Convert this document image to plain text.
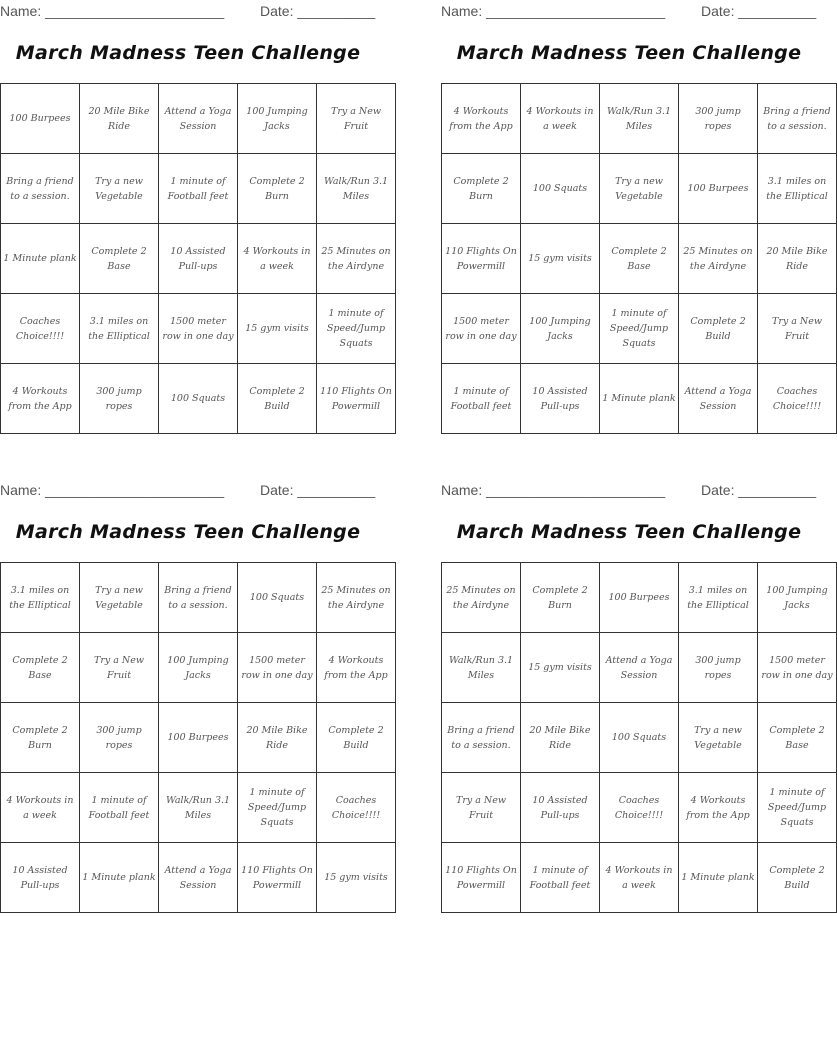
Name: _______________________	Date: __________
March Madness Teen Challenge
100 Burpees	20 Mile Bike Ride	Attend a Yoga Session	100 Jumping Jacks	Try a New Fruit
Bring a friend to a session.	Try a new Vegetable	1 minute of Football feet	Complete 2 Burn	Walk/Run 3.1 Miles
1 Minute plank	Complete 2 Base	10 Assisted Pull-ups	4 Workouts in a week	25 Minutes on the Airdyne
Coaches Choice!!!!	3.1 miles on the Elliptical	1500 meter row in one day	15 gym visits	1 minute of Speed/Jump Squats
4 Workouts from the App	300 jump ropes	100 Squats	Complete 2 Build	110 Flights On Powermill
Name: _______________________	Date: __________
March Madness Teen Challenge
4 Workouts from the App	4 Workouts in a week	Walk/Run 3.1 Miles	300 jump ropes	Bring a friend to a session.
Complete 2 Burn	100 Squats	Try a new Vegetable	100 Burpees	3.1 miles on the Elliptical
110 Flights On Powermill	15 gym visits	Complete 2 Base	25 Minutes on the Airdyne	20 Mile Bike Ride
1500 meter row in one day	100 Jumping Jacks	1 minute of Speed/Jump Squats	Complete 2 Build	Try a New Fruit
1 minute of Football feet	10 Assisted Pull-ups	1 Minute plank	Attend a Yoga Session	Coaches Choice!!!!
Name: _______________________	Date: __________
March Madness Teen Challenge
3.1 miles on the Elliptical	Try a new Vegetable	Bring a friend to a session.	100 Squats	25 Minutes on the Airdyne
Complete 2 Base	Try a New Fruit	100 Jumping Jacks	1500 meter row in one day	4 Workouts from the App
Complete 2 Burn	300 jump ropes	100 Burpees	20 Mile Bike Ride	Complete 2 Build
4 Workouts in a week	1 minute of Football feet	Walk/Run 3.1 Miles	1 minute of Speed/Jump Squats	Coaches Choice!!!!
10 Assisted Pull-ups	1 Minute plank	Attend a Yoga Session	110 Flights On Powermill	15 gym visits
Name: _______________________	Date: __________
March Madness Teen Challenge
25 Minutes on the Airdyne	Complete 2 Burn	100 Burpees	3.1 miles on the Elliptical	100 Jumping Jacks
Walk/Run 3.1 Miles	15 gym visits	Attend a Yoga Session	300 jump ropes	1500 meter row in one day
Bring a friend to a session.	20 Mile Bike Ride	100 Squats	Try a new Vegetable	Complete 2 Base
Try a New Fruit	10 Assisted Pull-ups	Coaches Choice!!!!	4 Workouts from the App	1 minute of Speed/Jump Squats
110 Flights On Powermill	1 minute of Football feet	4 Workouts in a week	1 Minute plank	Complete 2 Build
